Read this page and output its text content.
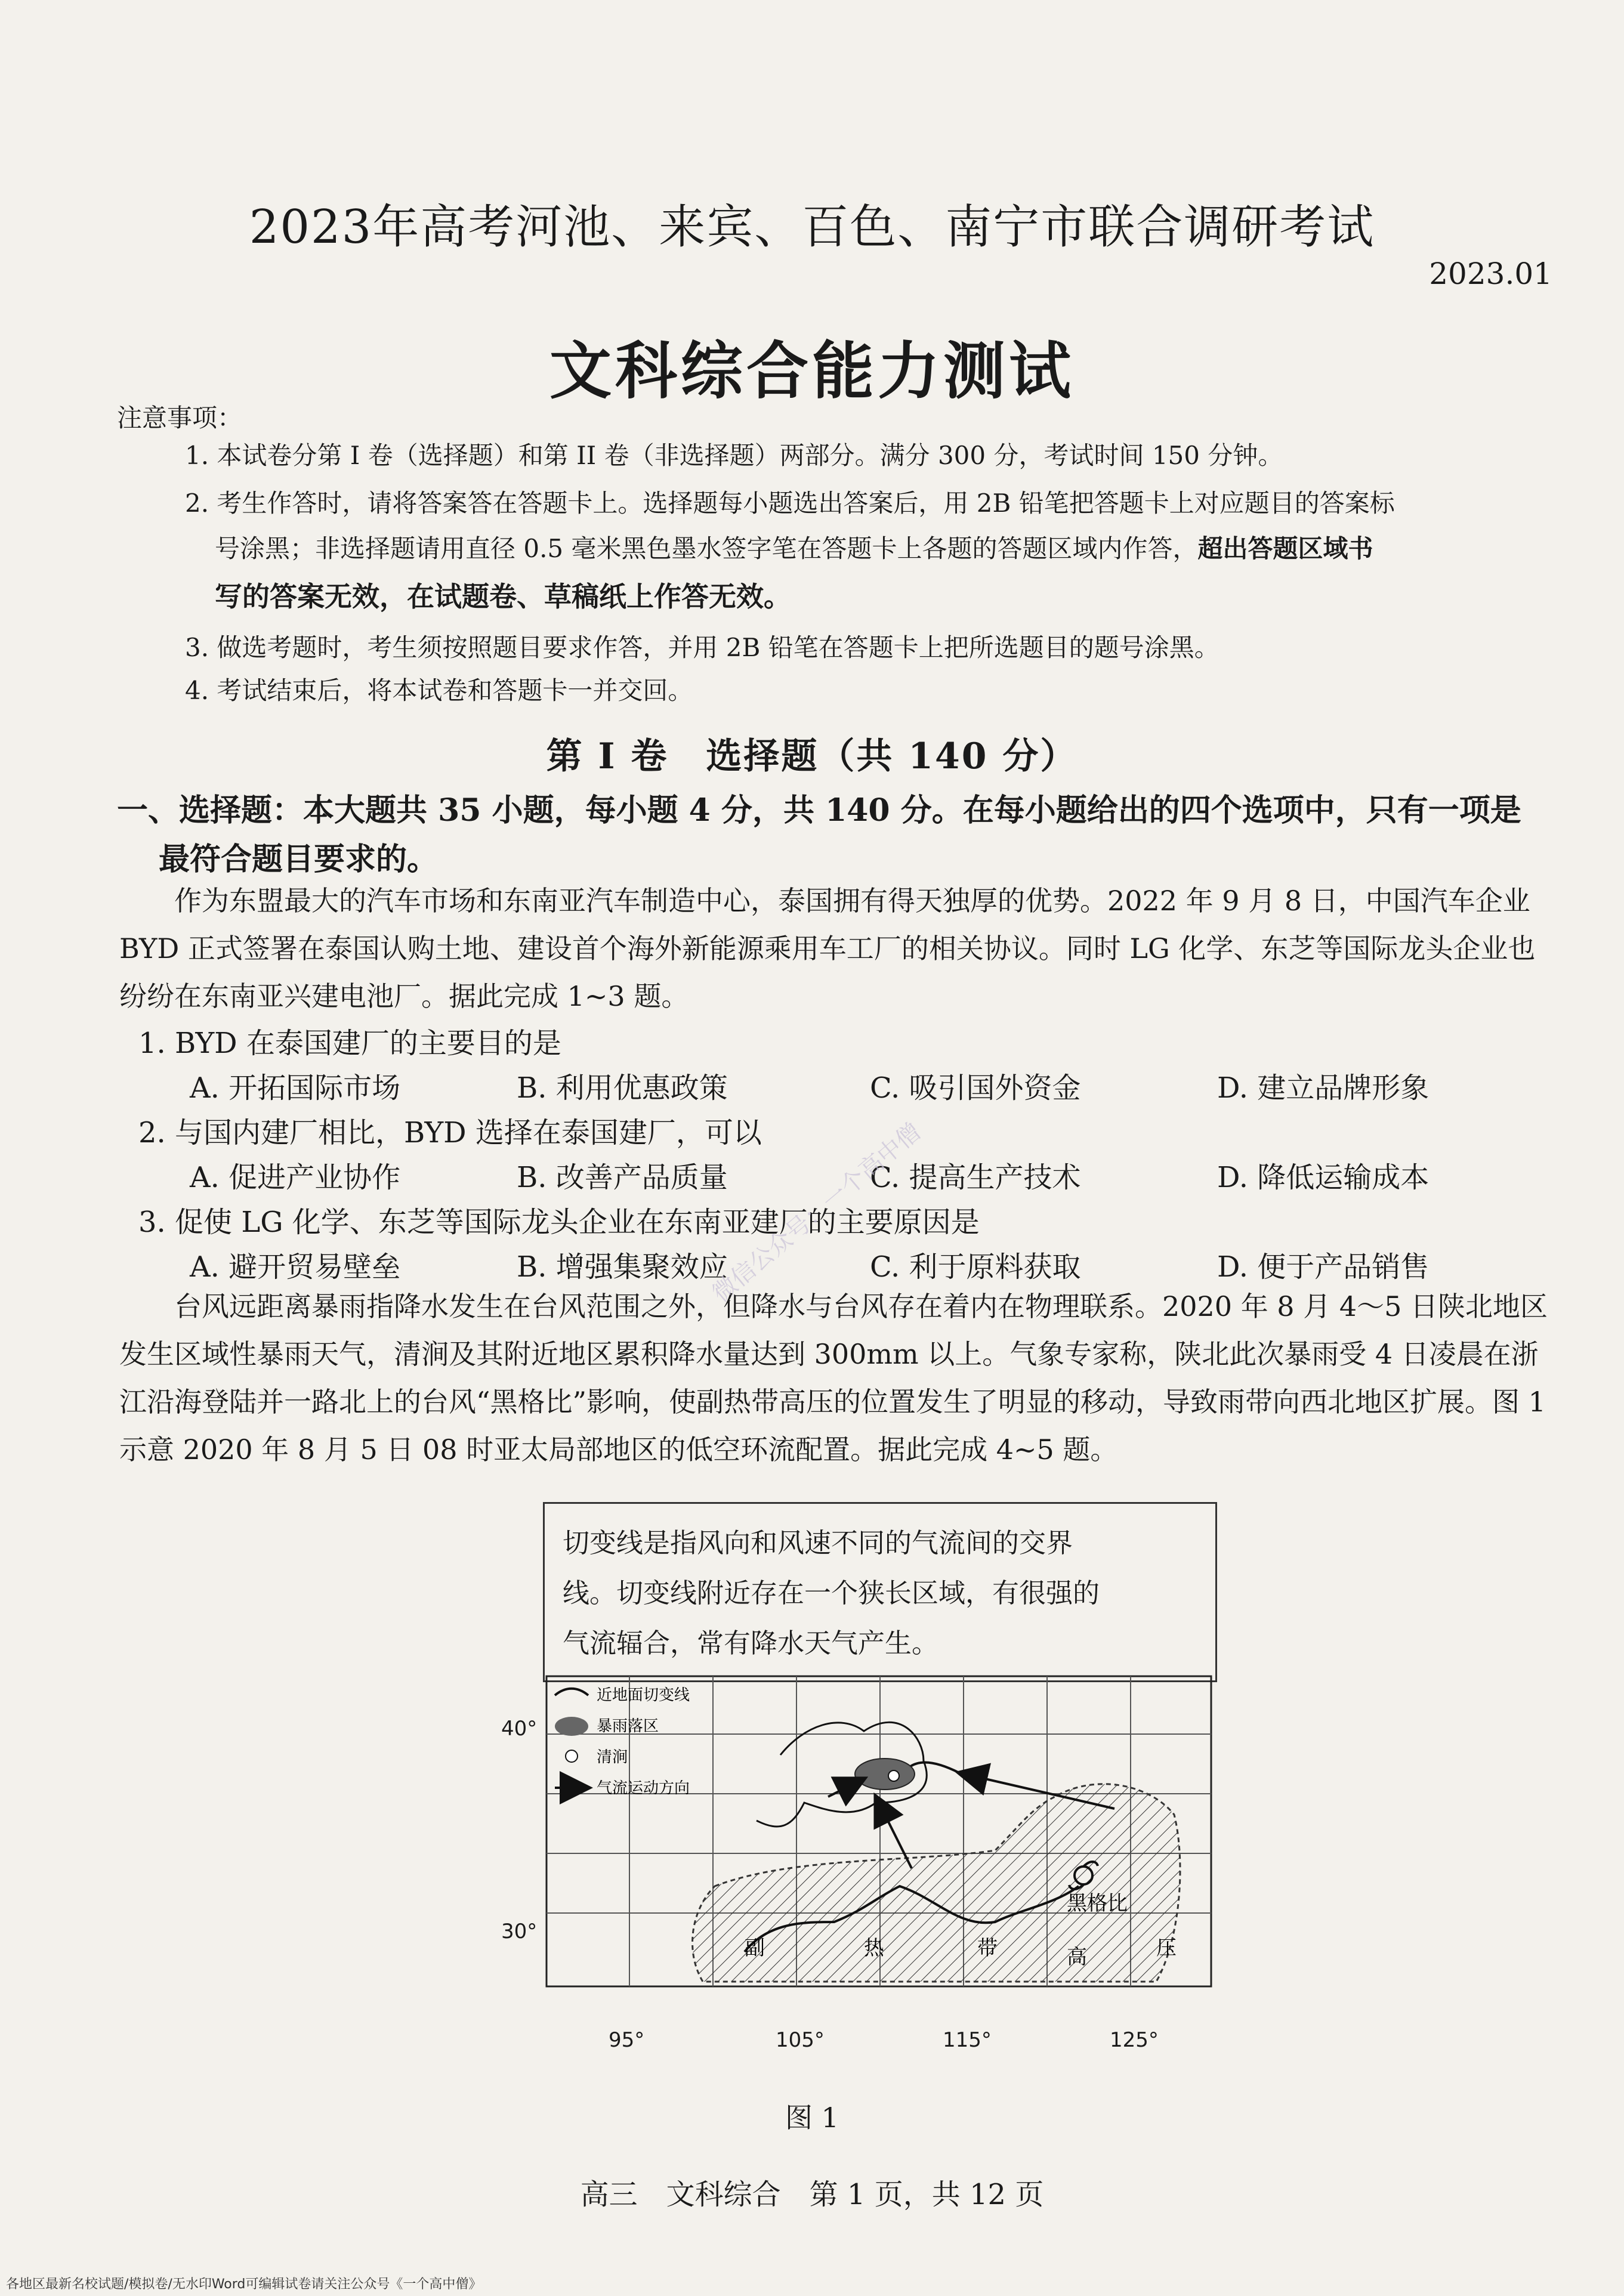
2023年高考河池、来宾、百色、南宁市联合调研考试
2023.01
文科综合能力测试
注意事项：
1. 本试卷分第 I 卷（选择题）和第 II 卷（非选择题）两部分。满分 300 分，考试时间 150 分钟。
2. 考生作答时，请将答案答在答题卡上。选择题每小题选出答案后，用 2B 铅笔把答题卡上对应题目的答案标
号涂黑；非选择题请用直径 0.5 毫米黑色墨水签字笔在答题卡上各题的答题区域内作答，超出答题区域书
写的答案无效，在试题卷、草稿纸上作答无效。
3. 做选考题时，考生须按照题目要求作答，并用 2B 铅笔在答题卡上把所选题目的题号涂黑。
4. 考试结束后，将本试卷和答题卡一并交回。
第 I 卷　选择题（共 140 分）
一、选择题：本大题共 35 小题，每小题 4 分，共 140 分。在每小题给出的四个选项中，只有一项是
最符合题目要求的。
作为东盟最大的汽车市场和东南亚汽车制造中心，泰国拥有得天独厚的优势。2022 年 9 月 8 日，中国汽车企业 BYD 正式签署在泰国认购土地、建设首个海外新能源乘用车工厂的相关协议。同时 LG 化学、东芝等国际龙头企业也纷纷在东南亚兴建电池厂。据此完成 1~3 题。
1. BYD 在泰国建厂的主要目的是
A. 开拓国际市场	B. 利用优惠政策	C. 吸引国外资金	D. 建立品牌形象
2. 与国内建厂相比，BYD 选择在泰国建厂，可以
A. 促进产业协作	B. 改善产品质量	C. 提高生产技术	D. 降低运输成本
3. 促使 LG 化学、东芝等国际龙头企业在东南亚建厂的主要原因是
A. 避开贸易壁垒	B. 增强集聚效应	C. 利于原料获取	D. 便于产品销售
台风远距离暴雨指降水发生在台风范围之外，但降水与台风存在着内在物理联系。2020 年 8 月 4～5 日陕北地区发生区域性暴雨天气，清涧及其附近地区累积降水量达到 300mm 以上。气象专家称，陕北此次暴雨受 4 日凌晨在浙江沿海登陆并一路北上的台风“黑格比”影响，使副热带高压的位置发生了明显的移动，导致雨带向西北地区扩展。图 1 示意 2020 年 8 月 5 日 08 时亚太局部地区的低空环流配置。据此完成 4~5 题。
切变线是指风向和风速不同的气流间的交界
线。切变线附近存在一个狭长区域，有很强的
气流辐合，常有降水天气产生。
黑格比
副	热	带	高	压
近地面切变线
暴雨落区
清涧
气流运动方向
40°
30°
95°	105°	115°	125°
图 1
高三　文科综合　第 1 页，共 12 页
各地区最新名校试题/模拟卷/无水印Word可编辑试卷请关注公众号《一个高中僧》
微信公众号：一个高中僧
